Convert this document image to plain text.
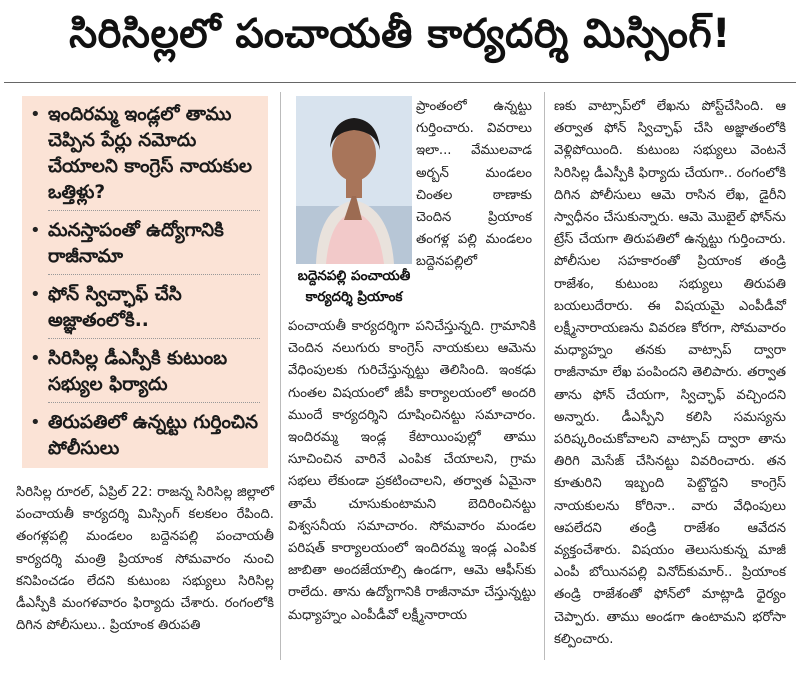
సిరిసిల్లలో పంచాయతీ కార్యదర్శి మిస్సింగ్!
• ఇందిరమ్మ ఇండ్లలో తాము చెప్పిన పేర్లు నమోదు చేయాలని కాంగ్రెస్ నాయకుల ఒత్తిళ్లు?
• మనస్తాపంతో ఉద్యోగానికి రాజీనామా
• ఫోన్ స్విచ్ఛాఫ్ చేసి అజ్ఞాతంలోకి..
• సిరిసిల్ల డీఎస్పీకి కుటుంబ సభ్యుల ఫిర్యాదు
• తిరుపతిలో ఉన్నట్టు గుర్తించిన పోలీసులు

సిరిసిల్ల రూరల్, ఏప్రిల్ 22: రాజన్న సిరిసిల్ల జిల్లాలో పంచాయతీ కార్యదర్శి మిస్సింగ్ కలకలం రేపింది. తంగళ్లపల్లి మండలం బద్దెనపల్లి పంచాయతీ కార్యదర్శి మంత్రి ప్రియాంక సోమవారం నుంచి కనిపించడం లేదని కుటుంబ సభ్యులు సిరిసిల్ల డీఎస్పీకి మంగళవారం ఫిర్యాదు చేశారు. రంగంలోకి దిగిన పోలీసులు.. ప్రియాంక తిరుపతి

బద్దెనపల్లి పంచాయతీ కార్యదర్శి ప్రియాంక

ప్రాంతంలో ఉన్నట్టు గుర్తించారు. వివరాలు ఇలా... వేములవాడ అర్బన్ మండలం చింతల ఠాణాకు చెందిన ప్రియాంక తంగళ్ల పల్లి మండలం బద్దెనపల్లిలో

పంచాయతీ కార్యదర్శిగా పనిచేస్తున్నది. గ్రామానికి చెందిన నలుగురు కాంగ్రెస్ నాయకులు ఆమెను వేధింపులకు గురిచేస్తున్నట్టు తెలిసింది. ఇంకఢు గుంతల విషయంలో జీపీ కార్యాలయంలో అందరి ముందే కార్యదర్శిని దూషించినట్టు సమాచారం. ఇందిరమ్మ ఇండ్ల కేటాయింపుల్లో తాము సూచించిన వారినే ఎంపిక చేయాలని, గ్రామ సభలు లేకుండా ప్రకటించాలని, తర్వాత ఏమైనా తామే చూసుకుంటామని బెదిరించినట్టు విశ్వసనీయ సమాచారం. సోమవారం మండల పరిషత్ కార్యాలయంలో ఇందిరమ్మ ఇండ్ల ఎంపిక జాబితా అందజేయాల్సి ఉండగా, ఆమె ఆఫీస్‌కు రాలేదు. తాను ఉద్యోగానికి రాజీనామా చేస్తున్నట్టు మధ్యాహ్నం ఎంపీడీవో లక్ష్మీనారాయ

ణకు వాట్సాప్‌లో లేఖను పోస్ట్‌చేసింది. ఆ తర్వాత ఫోన్ స్విచ్ఛాఫ్ చేసి అజ్ఞాతంలోకి వెళ్లిపోయింది. కుటుంబ సభ్యులు వెంటనే సిరిసిల్ల డీఎస్పీకి ఫిర్యాదు చేయగా.. రంగంలోకి దిగిన పోలీసులు ఆమె రాసిన లేఖ, డైరీని స్వాధీనం చేసుకున్నారు. ఆమె మొబైల్ ఫోన్‌ను ట్రేస్ చేయగా తిరుపతిలో ఉన్నట్టు గుర్తించారు. పోలీసుల సహకారంతో ప్రియాంక తండ్రి రాజేశం, కుటుంబ సభ్యులు తిరుపతి బయలుదేరారు. ఈ విషయమై ఎంపీడీవో లక్ష్మీనారాయణను వివరణ కోరగా, సోమవారం మధ్యాహ్నం తనకు వాట్సాప్ ద్వారా రాజీనామా లేఖ పంపిందని తెలిపారు. తర్వాత తాను ఫోన్ చేయగా, స్విచ్ఛాఫ్ వచ్చిందని అన్నారు. డీఎస్పీని కలిసి సమస్యను పరిష్కరించుకోవాలని వాట్సాప్ ద్వారా తాను తిరిగి మెసేజ్ చేసినట్టు వివరించారు. తన కూతురిని ఇబ్బంది పెట్టొద్దని కాంగ్రెస్ నాయకులను కోరినా.. వారు వేధింపులు ఆపలేదని తండ్రి రాజేశం ఆవేదన వ్యక్తంచేశారు. విషయం తెలుసుకున్న మాజీ ఎంపీ బోయినపల్లి వినోద్‌కుమార్.. ప్రియాంక తండ్రి రాజేశంతో ఫోన్‌లో మాట్లాడి ధైర్యం చెప్పారు. తాము అండగా ఉంటామని భరోసా కల్పించారు.
